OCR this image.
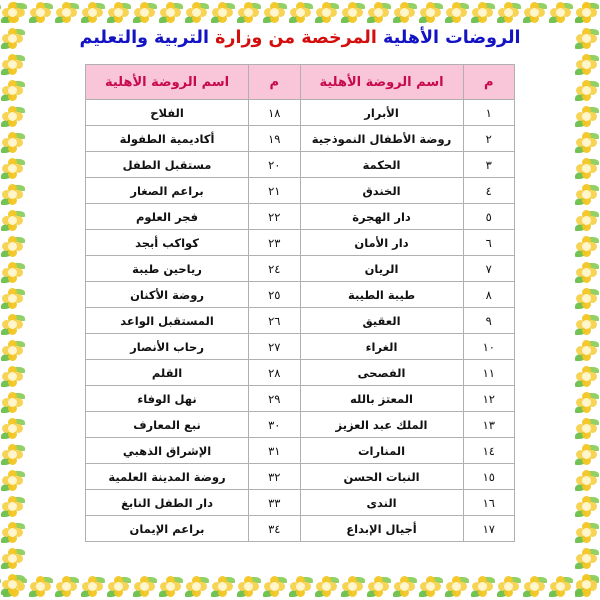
الروضات الأهلية المرخصة من وزارة التربية والتعليم
م	اسم الروضة الأهلية	م	اسم الروضة الأهلية
١	الأبرار	١٨	الفلاح
٢	روضة الأطفال النموذجية	١٩	أكاديمية الطفولة
٣	الحكمة	٢٠	مستقبل الطفل
٤	الخندق	٢١	براعم الصغار
٥	دار الهجرة	٢٢	فجر العلوم
٦	دار الأمان	٢٣	كواكب أبجد
٧	الريان	٢٤	رياحين طيبة
٨	طيبة الطيبة	٢٥	روضة الأكنان
٩	العقيق	٢٦	المستقبل الواعد
١٠	الغراء	٢٧	رحاب الأنصار
١١	الفصحى	٢٨	القلم
١٢	المعتز بالله	٢٩	نهل الوفاء
١٣	الملك عبد العزيز	٣٠	نبع المعارف
١٤	المنارات	٣١	الإشراق الذهبي
١٥	النبات الحسن	٣٢	روضة المدينة العلمية
١٦	الندى	٣٣	دار الطفل النابغ
١٧	أجيال الإبداع	٣٤	براعم الإيمان
